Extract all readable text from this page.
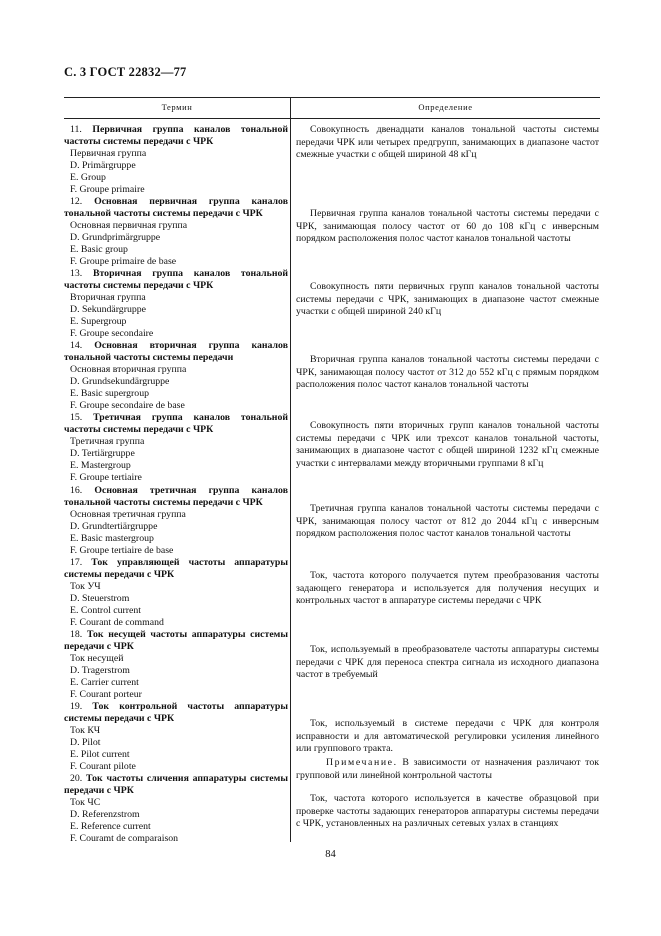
С. 3 ГОСТ 22832—77
Термин	Определение
11. Первичная группа каналов тональной частоты системы передачи с ЧРК
Первичная группа
D. Primärgruppe
E. Group
F. Groupe primaire
12. Основная первичная группа каналов тональной частоты системы передачи с ЧРК
Основная первичная группа
D. Grundprimärgruppe
E. Basic group
F. Groupe primaire de base
13. Вторичная группа каналов тональной частоты системы передачи с ЧРК
Вторичная группа
D. Sekundärgruppe
E. Supergroup
F. Groupe secondaire
14. Основная вторичная группа каналов тональной частоты системы передачи
Основная вторичная группа
D. Grundsekundärgruppe
E. Basic supergroup
F. Groupe secondaire de base
15. Третичная группа каналов тональной частоты системы передачи с ЧРК
Третичная группа
D. Tertiärgruppe
E. Mastergroup
F. Groupe tertiaire
16. Основная третичная группа каналов тональной частоты системы передачи с ЧРК
Основная третичная группа
D. Grundtertiärgruppe
E. Basic mastergroup
F. Groupe tertiaire de base
17. Ток управляющей частоты аппаратуры системы передачи с ЧРК
Ток УЧ
D. Steuerstrom
E. Control current
F. Courant de command
18. Ток несущей частоты аппаратуры системы передачи с ЧРК
Ток несущей
D. Tragerstrom
E. Carrier current
F. Courant porteur
19. Ток контрольной частоты аппаратуры системы передачи с ЧРК
Ток КЧ
D. Pilot
E. Pilot current
F. Courant pilote
20. Ток частоты сличения аппаратуры системы передачи с ЧРК
Ток ЧС
D. Referenzstrom
E. Reference current
F. Couramt de comparaison
Совокупность двенадцати каналов тональной частоты системы передачи ЧРК или четырех предгрупп, занимающих в диапазоне частот смежные участки с общей шириной 48 кГц
Первичная группа каналов тональной частоты системы передачи с ЧРК, занимающая полосу частот от 60 до 108 кГц с инверсным порядком расположения полос частот каналов тональной частоты
Совокупность пяти первичных групп каналов тональной частоты системы передачи с ЧРК, занимающих в диапазоне частот смежные участки с общей шириной 240 кГц
Вторичная группа каналов тональной частоты системы передачи с ЧРК, занимающая полосу частот от 312 до 552 кГц с прямым порядком расположения полос частот каналов тональной частоты
Совокупность пяти вторичных групп каналов тональной частоты системы передачи с ЧРК или трехсот каналов тональной частоты, занимающих в диапазоне частот с общей шириной 1232 кГц смежные участки с интервалами между вторичными группами 8 кГц
Третичная группа каналов тональной частоты системы передачи с ЧРК, занимающая полосу частот от 812 до 2044 кГц с инверсным порядком расположения полос частот каналов тональной частоты
Ток, частота которого получается путем преобразования частоты задающего генератора и используется для получения несущих и контрольных частот в аппаратуре системы передачи с ЧРК
Ток, используемый в преобразователе частоты аппаратуры системы передачи с ЧРК для переноса спектра сигнала из исходного диапазона частот в требуемый
Ток, используемый в системе передачи с ЧРК для контроля исправности и для автоматической регулировки усиления линейного или группового тракта.
Примечание. В зависимости от назначения различают ток групповой или линейной контрольной частоты
Ток, частота которого используется в качестве образцовой при проверке частоты задающих генераторов аппаратуры системы передачи с ЧРК, установленных на различных сетевых узлах в станциях
84
